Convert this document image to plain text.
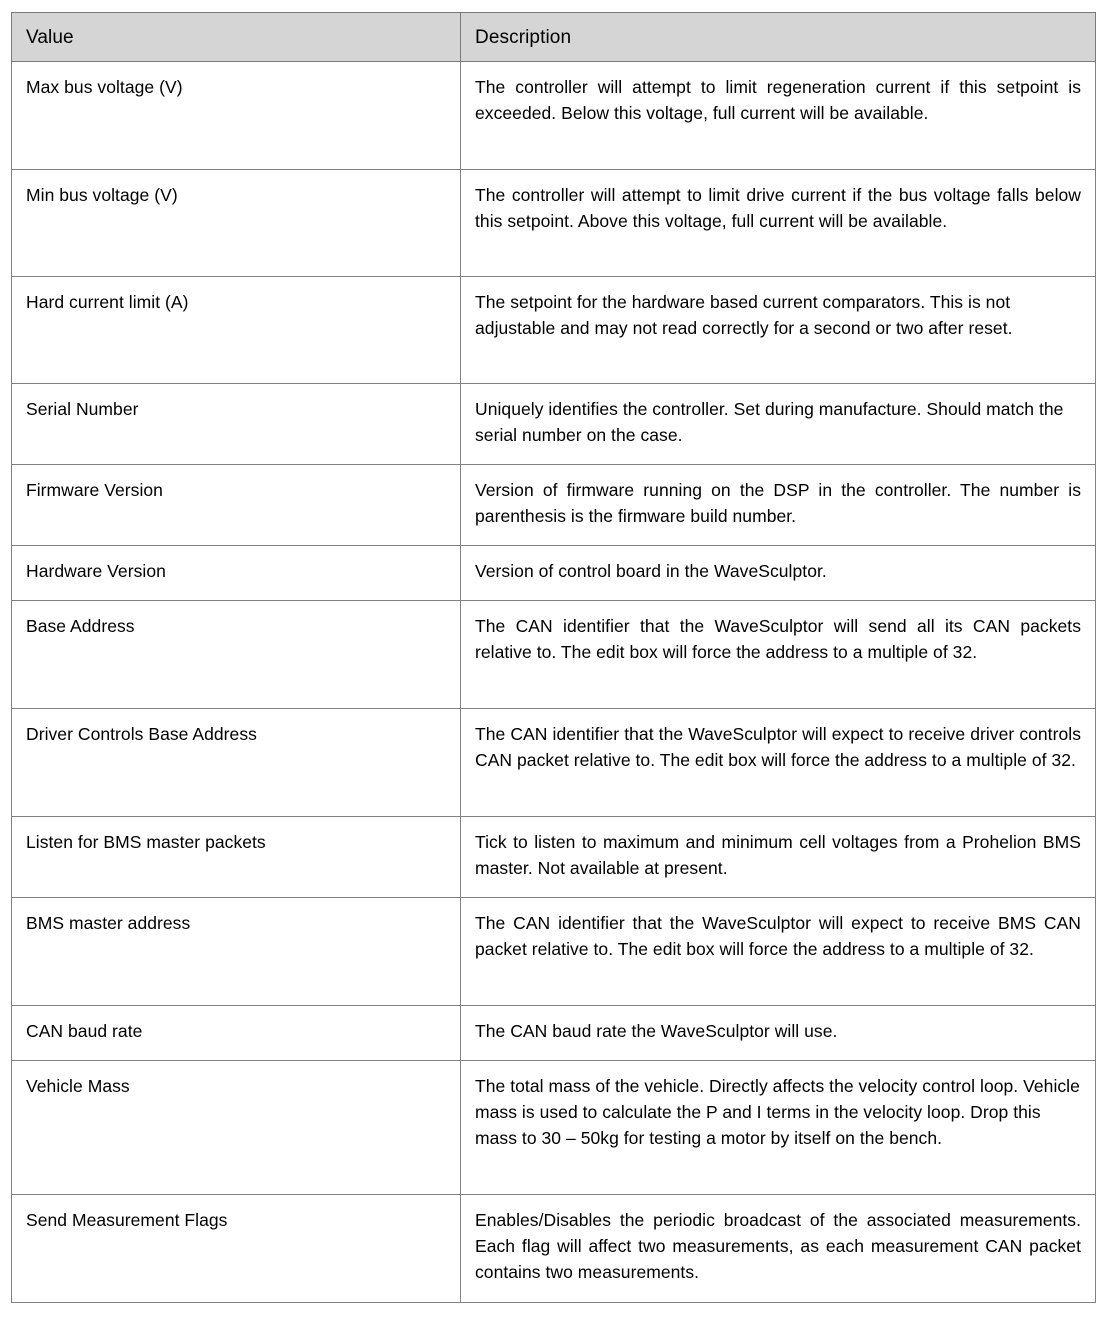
Value	Description

Max bus voltage (V)	The controller will attempt to limit regeneration current if this setpoint is exceeded. Below this voltage, full current will be available.

Min bus voltage (V)	The controller will attempt to limit drive current if the bus voltage falls below this setpoint. Above this voltage, full current will be available.

Hard current limit (A)	The setpoint for the hardware based current comparators. This is not adjustable and may not read correctly for a second or two after reset.

Serial Number	Uniquely identifies the controller. Set during manufacture. Should match the serial number on the case.

Firmware Version	Version of firmware running on the DSP in the controller. The number is parenthesis is the firmware build number.

Hardware Version	Version of control board in the WaveSculptor.

Base Address	The CAN identifier that the WaveSculptor will send all its CAN packets relative to. The edit box will force the address to a multiple of 32.

Driver Controls Base Address	The CAN identifier that the WaveSculptor will expect to receive driver controls CAN packet relative to. The edit box will force the address to a multiple of 32.

Listen for BMS master packets	Tick to listen to maximum and minimum cell voltages from a Prohelion BMS master. Not available at present.

BMS master address	The CAN identifier that the WaveSculptor will expect to receive BMS CAN packet relative to. The edit box will force the address to a multiple of 32.

CAN baud rate	The CAN baud rate the WaveSculptor will use.

Vehicle Mass	The total mass of the vehicle. Directly affects the velocity control loop. Vehicle mass is used to calculate the P and I terms in the velocity loop. Drop this mass to 30 – 50kg for testing a motor by itself on the bench.

Send Measurement Flags	Enables/Disables the periodic broadcast of the associated measurements. Each flag will affect two measurements, as each measurement CAN packet contains two measurements.
